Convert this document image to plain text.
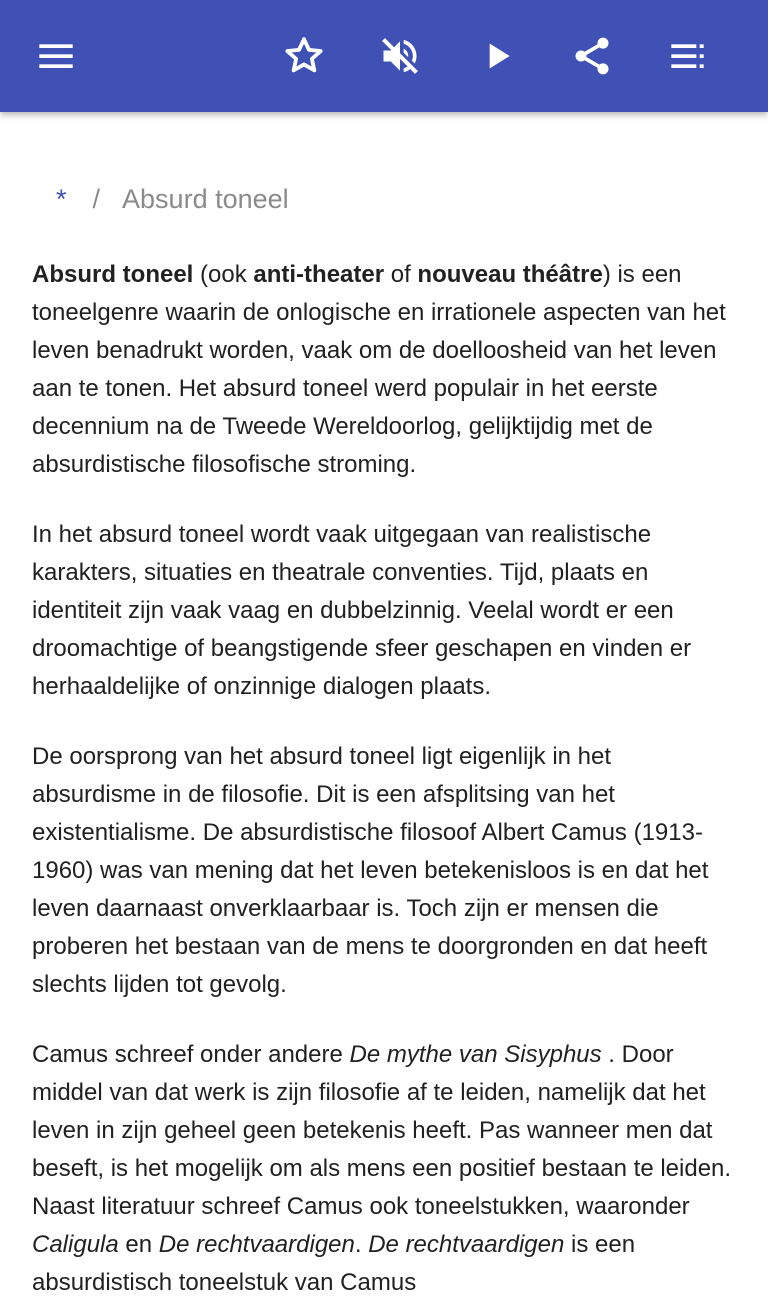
* / Absurd toneel

Absurd toneel (ook anti-theater of nouveau théâtre) is een toneelgenre waarin de onlogische en irrationele aspecten van het leven benadrukt worden, vaak om de doelloosheid van het leven aan te tonen. Het absurd toneel werd populair in het eerste decennium na de Tweede Wereldoorlog, gelijktijdig met de absurdistische filosofische stroming.

In het absurd toneel wordt vaak uitgegaan van realistische karakters, situaties en theatrale conventies. Tijd, plaats en identiteit zijn vaak vaag en dubbelzinnig. Veelal wordt er een droomachtige of beangstigende sfeer geschapen en vinden er herhaaldelijke of onzinnige dialogen plaats.

De oorsprong van het absurd toneel ligt eigenlijk in het absurdisme in de filosofie. Dit is een afsplitsing van het existentialisme. De absurdistische filosoof Albert Camus (1913-1960) was van mening dat het leven betekenisloos is en dat het leven daarnaast onverklaarbaar is. Toch zijn er mensen die proberen het bestaan van de mens te doorgronden en dat heeft slechts lijden tot gevolg.

Camus schreef onder andere De mythe van Sisyphus . Door middel van dat werk is zijn filosofie af te leiden, namelijk dat het leven in zijn geheel geen betekenis heeft. Pas wanneer men dat beseft, is het mogelijk om als mens een positief bestaan te leiden. Naast literatuur schreef Camus ook toneelstukken, waaronder Caligula en De rechtvaardigen. De rechtvaardigen is een absurdistisch toneelstuk van Camus
